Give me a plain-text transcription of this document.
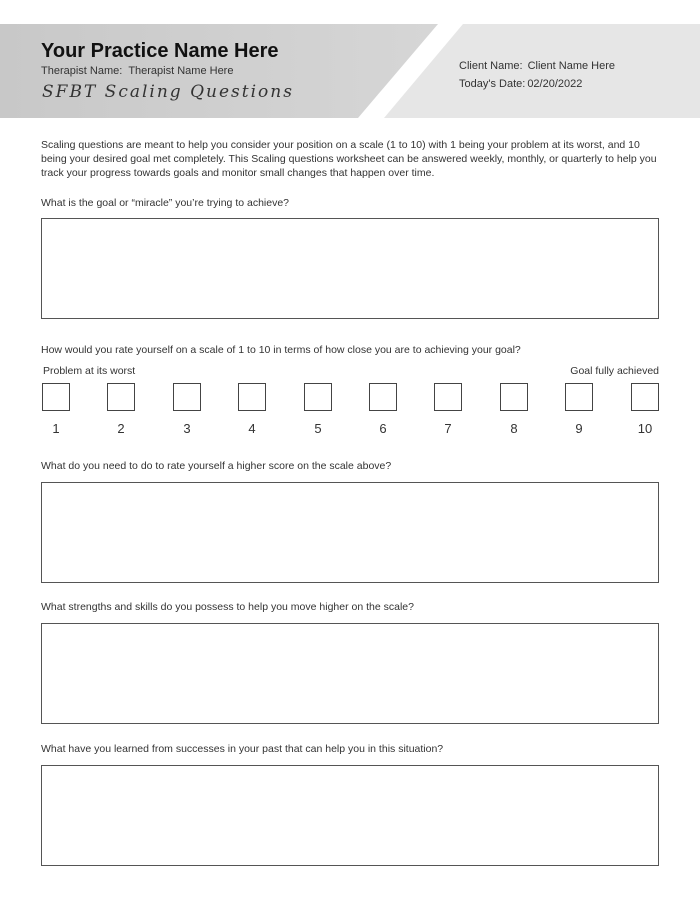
Your Practice Name Here
Therapist Name: Therapist Name Here
SFBT Scaling Questions
Client Name: Client Name Here
Today's Date: 02/20/2022
Scaling questions are meant to help you consider your position on a scale (1 to 10) with 1 being your problem at its worst, and 10 being your desired goal met completely. This Scaling questions worksheet can be answered weekly, monthly, or quarterly to help you track your progress towards goals and monitor small changes that happen over time.
What is the goal or “miracle” you’re trying to achieve?
How would you rate yourself on a scale of 1 to 10 in terms of how close you are to achieving your goal?
Problem at its worst	Goal fully achieved
1	2	3	4	5	6	7	8	9	10
What do you need to do to rate yourself a higher score on the scale above?
What strengths and skills do you possess to help you move higher on the scale?
What have you learned from successes in your past that can help you in this situation?
